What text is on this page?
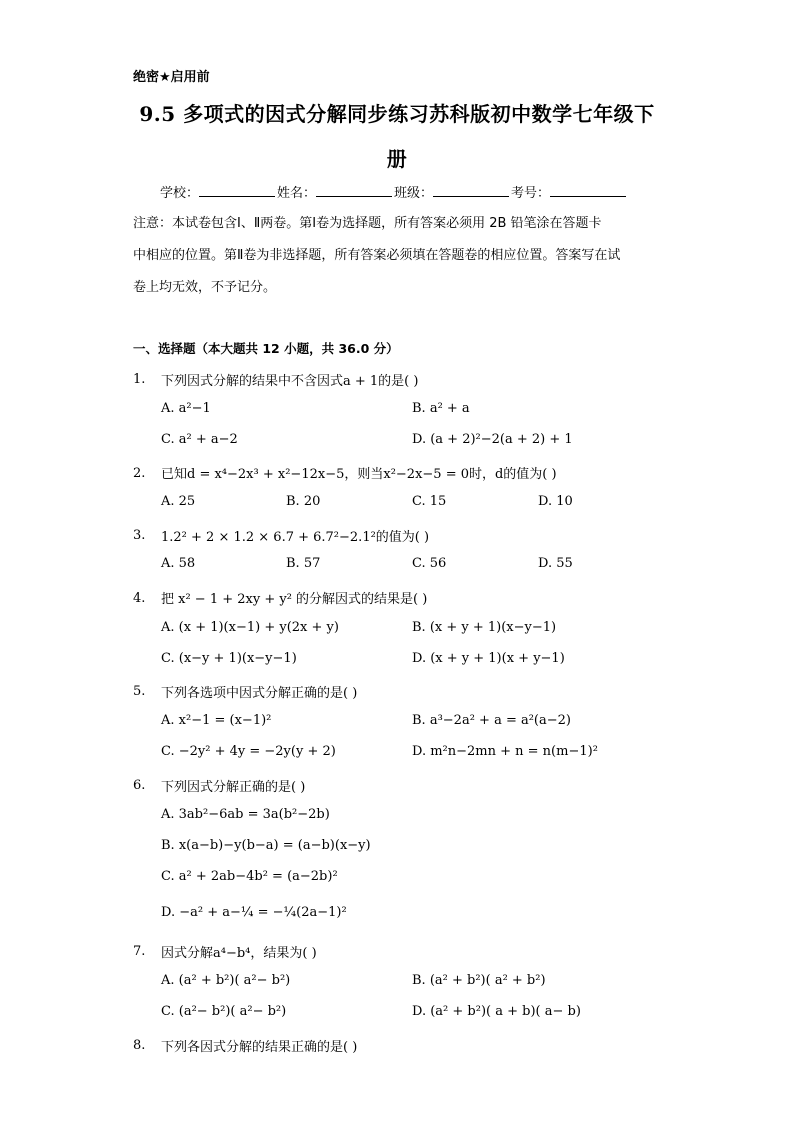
绝密★启用前
9.5 多项式的因式分解同步练习苏科版初中数学七年级下
册
学校：	姓名：	班级：	考号：
注意：本试卷包含Ⅰ、Ⅱ两卷。第Ⅰ卷为选择题，所有答案必须用 2B 铅笔涂在答题卡
中相应的位置。第Ⅱ卷为非选择题，所有答案必须填在答题卷的相应位置。答案写在试
卷上均无效，不予记分。
一、选择题（本大题共 12 小题，共 36.0 分）
1. 下列因式分解的结果中不含因式a + 1的是( )
A. a²−1	B. a² + a
C. a² + a−2	D. (a + 2)²−2(a + 2) + 1
2. 已知d = x⁴−2x³ + x²−12x−5，则当x²−2x−5 = 0时，d的值为( )
A. 25	B. 20	C. 15	D. 10
3. 1.2² + 2 × 1.2 × 6.7 + 6.7²−2.1²的值为( )
A. 58	B. 57	C. 56	D. 55
4. 把 x² − 1 + 2xy + y² 的分解因式的结果是( )
A. (x + 1)(x−1) + y(2x + y)	B. (x + y + 1)(x−y−1)
C. (x−y + 1)(x−y−1)	D. (x + y + 1)(x + y−1)
5. 下列各选项中因式分解正确的是( )
A. x²−1 = (x−1)²	B. a³−2a² + a = a²(a−2)
C. −2y² + 4y = −2y(y + 2)	D. m²n−2mn + n = n(m−1)²
6. 下列因式分解正确的是( )
A. 3ab²−6ab = 3a(b²−2b)
B. x(a−b)−y(b−a) = (a−b)(x−y)
C. a² + 2ab−4b² = (a−2b)²
D. −a² + a−¼ = −¼(2a−1)²
7. 因式分解a⁴−b⁴，结果为( )
A. (a² + b²)( a²− b²)	B. (a² + b²)( a² + b²)
C. (a²− b²)( a²− b²)	D. (a² + b²)( a + b)( a− b)
8. 下列各因式分解的结果正确的是( )
